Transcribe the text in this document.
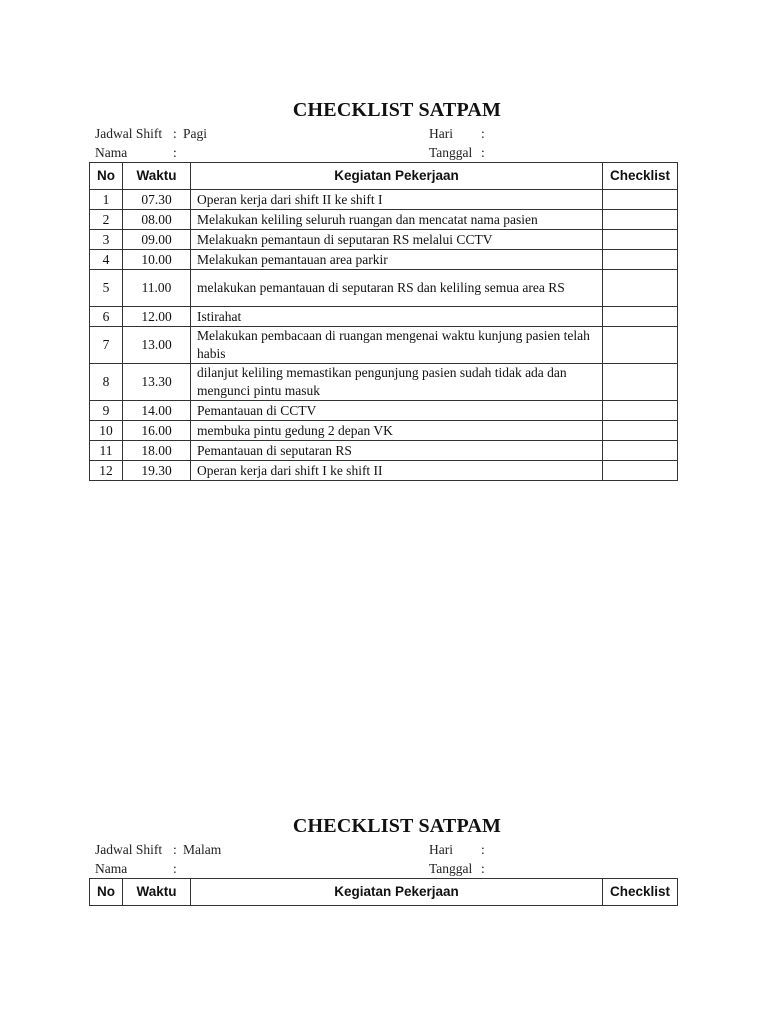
CHECKLIST SATPAM
Jadwal Shift : Pagi
Nama	:
Hari :
Tanggal :
No	Waktu	Kegiatan Pekerjaan	Checklist
1	07.30	Operan kerja dari shift II ke shift I	
2	08.00	Melakukan keliling seluruh ruangan dan mencatat nama pasien	
3	09.00	Melakuakn pemantaun di seputaran RS melalui CCTV	
4	10.00	Melakukan pemantauan area parkir	
5	11.00	melakukan pemantauan di seputaran RS dan keliling semua area RS	
6	12.00	Istirahat	
7	13.00	Melakukan pembacaan di ruangan mengenai waktu kunjung pasien telah habis	
8	13.30	dilanjut keliling memastikan pengunjung pasien sudah tidak ada dan mengunci pintu masuk	
9	14.00	Pemantauan di CCTV	
10	16.00	membuka pintu gedung 2 depan VK	
11	18.00	Pemantauan di seputaran RS	
12	19.30	Operan kerja dari shift I ke shift II	
CHECKLIST SATPAM
Jadwal Shift : Malam
Nama	:
Hari :
Tanggal :
No	Waktu	Kegiatan Pekerjaan	Checklist
